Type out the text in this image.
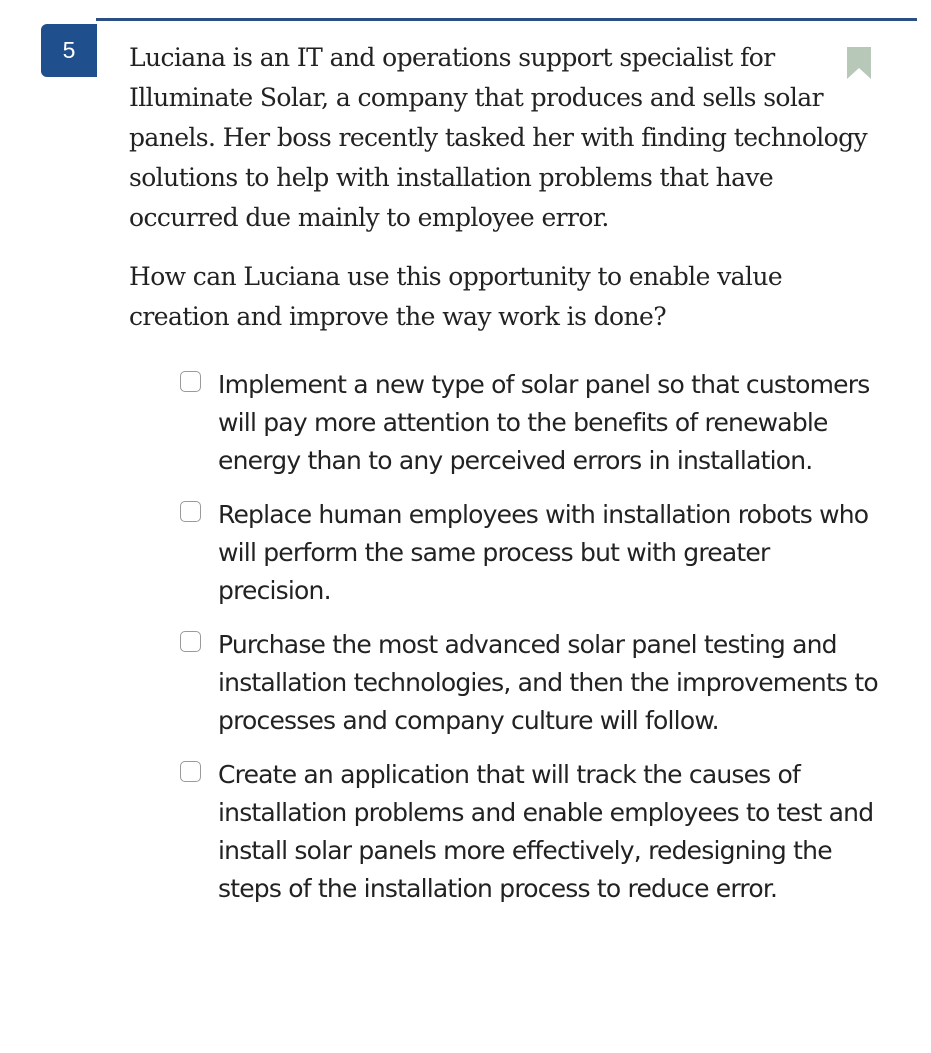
5	Luciana is an IT and operations support specialist for Illuminate Solar, a company that produces and sells solar panels. Her boss recently tasked her with finding technology solutions to help with installation problems that have occurred due mainly to employee error.

How can Luciana use this opportunity to enable value creation and improve the way work is done?

Implement a new type of solar panel so that customers will pay more attention to the benefits of renewable energy than to any perceived errors in installation.
Replace human employees with installation robots who will perform the same process but with greater precision.
Purchase the most advanced solar panel testing and installation technologies, and then the improvements to processes and company culture will follow.
Create an application that will track the causes of installation problems and enable employees to test and install solar panels more effectively, redesigning the steps of the installation process to reduce error.
